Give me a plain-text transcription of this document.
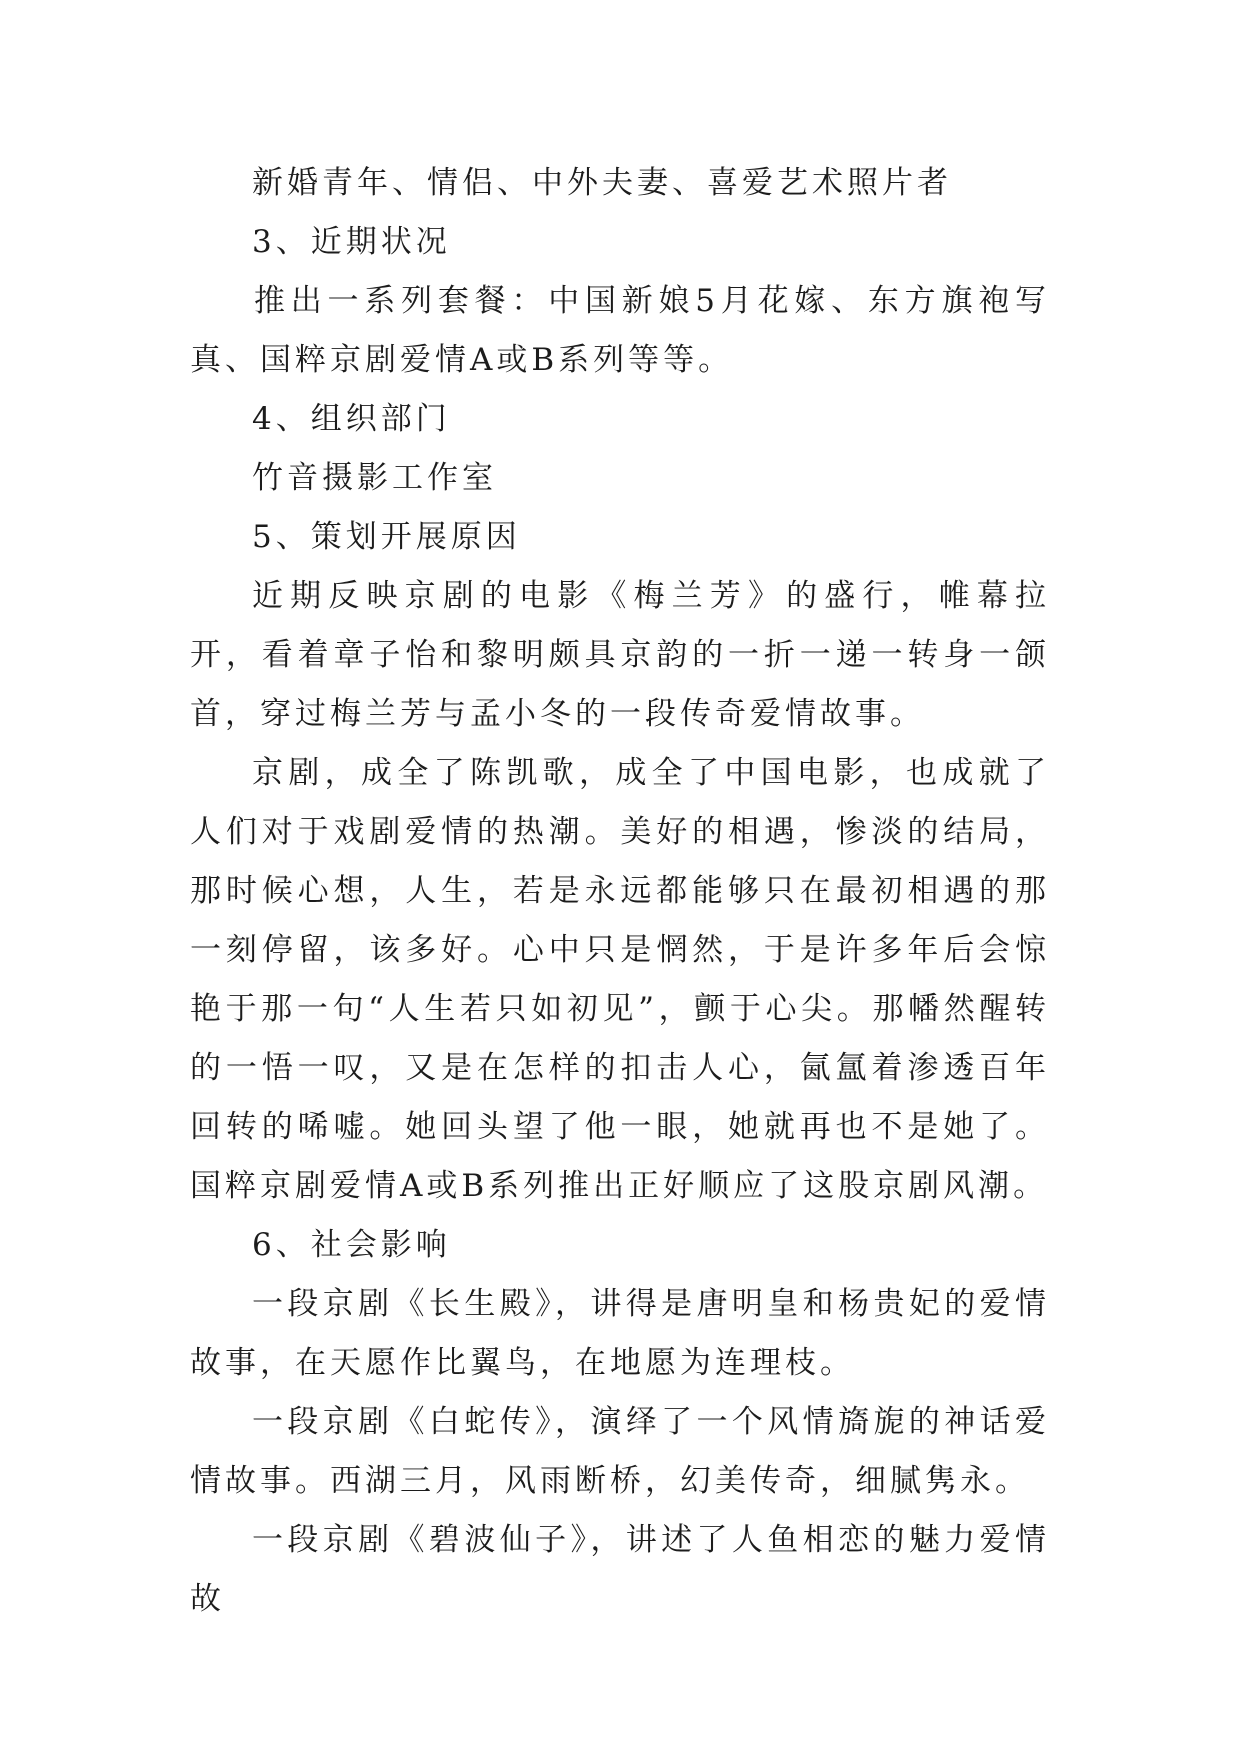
新婚青年、情侣、中外夫妻、喜爱艺术照片者

3、近期状况

推出一系列套餐：中国新娘5月花嫁、东方旗袍写真、国粹京剧爱情A或B系列等等。

4、组织部门

竹音摄影工作室

5、策划开展原因

近期反映京剧的电影《梅兰芳》的盛行，帷幕拉开，看着章子怡和黎明颇具京韵的一折一递一转身一颌首，穿过梅兰芳与孟小冬的一段传奇爱情故事。

京剧，成全了陈凯歌，成全了中国电影，也成就了人们对于戏剧爱情的热潮。美好的相遇，惨淡的结局，那时候心想，人生，若是永远都能够只在最初相遇的那一刻停留，该多好。心中只是惘然，于是许多年后会惊艳于那一句“人生若只如初见”，颤于心尖。那幡然醒转的一悟一叹，又是在怎样的扣击人心，氤氲着渗透百年回转的唏嘘。她回头望了他一眼，她就再也不是她了。国粹京剧爱情A或B系列推出正好顺应了这股京剧风潮。

6、社会影响

一段京剧《长生殿》，讲得是唐明皇和杨贵妃的爱情故事，在天愿作比翼鸟，在地愿为连理枝。

一段京剧《白蛇传》，演绎了一个风情旖旎的神话爱情故事。西湖三月，风雨断桥，幻美传奇，细腻隽永。

一段京剧《碧波仙子》，讲述了人鱼相恋的魅力爱情故
